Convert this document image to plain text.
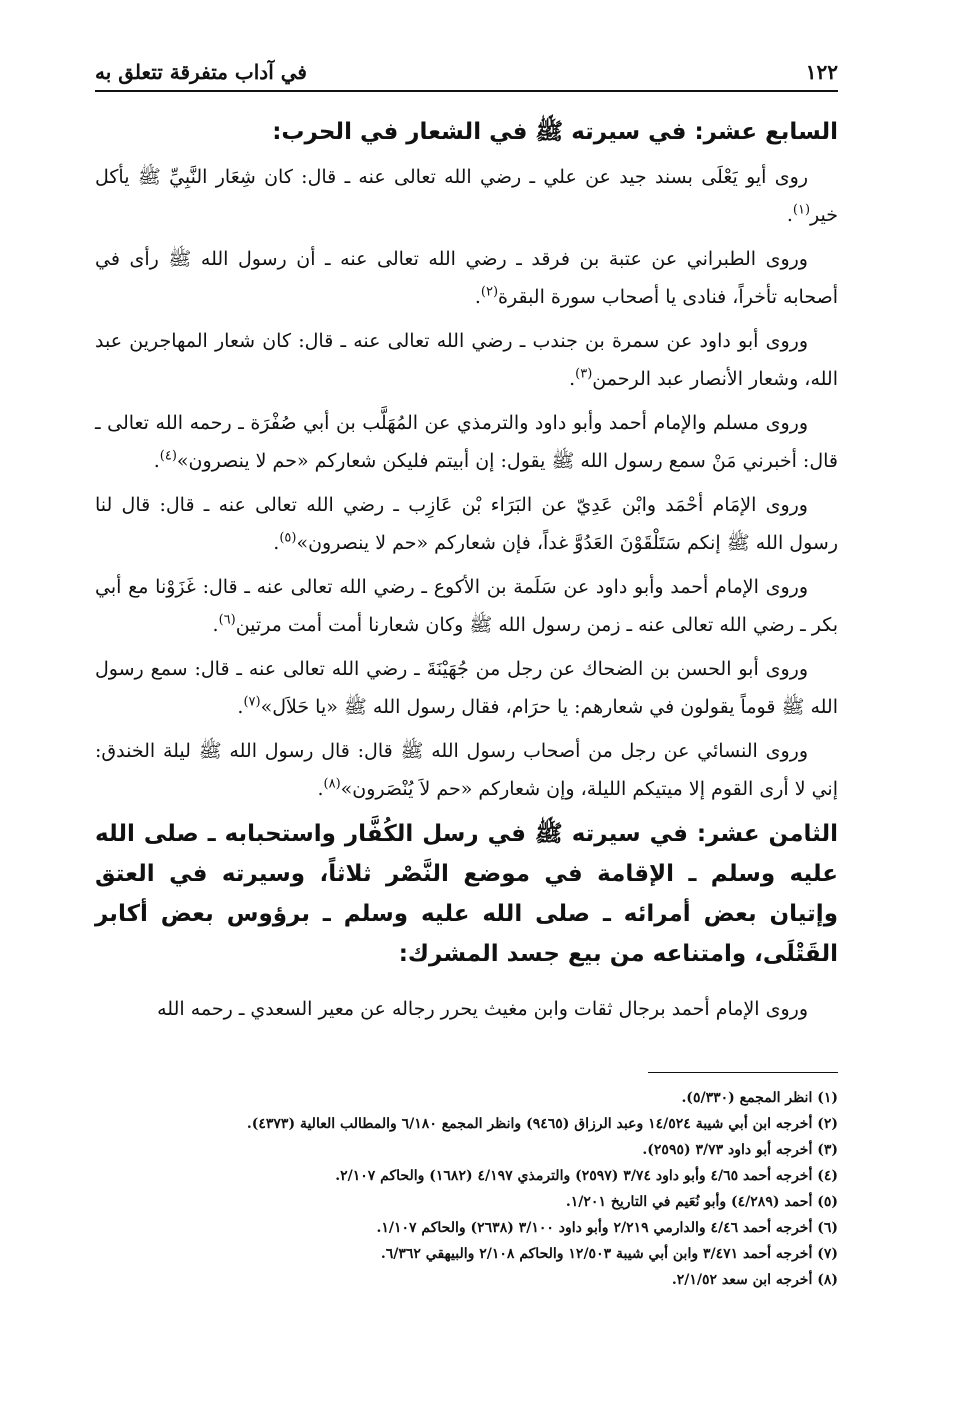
١٢٢
في آداب متفرقة تتعلق به
السابع عشر: في سيرته ﷺ في الشعار في الحرب:

روى أيو يَعْلَى بسند جيد عن علي ـ رضي الله تعالى عنه ـ قال: كان شِعَار النَّبِيِّ ﷺ يأكل خير$^{(١)}$.

وروى الطبراني عن عتبة بن فرقد ـ رضي الله تعالى عنه ـ أن رسول الله ﷺ رأى في أصحابه تأخراً، فنادى يا أصحاب سورة البقرة$^{(٢)}$.

وروى أبو داود عن سمرة بن جندب ـ رضي الله تعالى عنه ـ قال: كان شعار المهاجرين عبد الله، وشعار الأنصار عبد الرحمن$^{(٣)}$.

وروى مسلم والإمام أحمد وأبو داود والترمذي عن المُهَلَّب بن أبي صُفْرَة ـ رحمه الله تعالى ـ قال: أخبرني مَنْ سمع رسول الله ﷺ يقول: إن أبيتم فليكن شعاركم «حم لا ينصرون»$^{(٤)}$.

وروى الإمَام أحْمَد وابْن عَدِيّ عن البَرَاء بْن عَازِب ـ رضي الله تعالى عنه ـ قال: قال لنا رسول الله ﷺ إنكم سَتَلْقَوْنَ العَدُوَّ غداً، فإن شعاركم «حم لا ينصرون»$^{(٥)}$.

وروى الإمام أحمد وأبو داود عن سَلَمة بن الأكوع ـ رضي الله تعالى عنه ـ قال: غَزَوْنا مع أبي بكر ـ رضي الله تعالى عنه ـ زمن رسول الله ﷺ وكان شعارنا أمت أمت مرتين$^{(٦)}$.

وروى أبو الحسن بن الضحاك عن رجل من جُهَيْنَةَ ـ رضي الله تعالى عنه ـ قال: سمع رسول الله ﷺ قوماً يقولون في شعارهم: يا حرَام، فقال رسول الله ﷺ «يا حَلاَل»$^{(٧)}$.

وروى النسائي عن رجل من أصحاب رسول الله ﷺ قال: قال رسول الله ﷺ ليلة الخندق: إني لا أرى القوم إلا ميتيكم الليلة، وإن شعاركم «حم لاَ يُنْصَرون»$^{(٨)}$.

الثامن عشر: في سيرته ﷺ في رسل الكُفَّار واستحبابه ـ صلى الله عليه وسلم ـ الإقامة في موضع النَّصْر ثلاثاً، وسيرته في العتق وإتيان بعض أمرائه ـ صلى الله عليه وسلم ـ برؤوس بعض أكابر القَتْلَى، وامتناعه من بيع جسد المشرك:

وروى الإمام أحمد برجال ثقات وابن مغيث يحرر رجاله عن معير السعدي ـ رحمه الله

(١) انظر المجمع (٥/٣٣٠).

(٢) أخرجه ابن أبي شيبة ١٤/٥٢٤ وعبد الرزاق (٩٤٦٥) وانظر المجمع ٦/١٨٠ والمطالب العالية (٤٣٧٣).

(٣) أخرجه أبو داود ٣/٧٣ (٢٥٩٥).

(٤) أخرجه أحمد ٤/٦٥ وأبو داود ٣/٧٤ (٢٥٩٧) والترمذي ٤/١٩٧ (١٦٨٢) والحاكم ٢/١٠٧.

(٥) أحمد (٤/٢٨٩) وأبو نُعَيم في التاريخ ١/٢٠١.

(٦) أخرجه أحمد ٤/٤٦ والدارمي ٢/٢١٩ وأبو داود ٣/١٠٠ (٢٦٣٨) والحاكم ١/١٠٧.

(٧) أخرجه أحمد ٣/٤٧١ وابن أبي شيبة ١٢/٥٠٣ والحاكم ٢/١٠٨ والبيهقي ٦/٣٦٢.

(٨) أخرجه ابن سعد ٢/١/٥٢.
